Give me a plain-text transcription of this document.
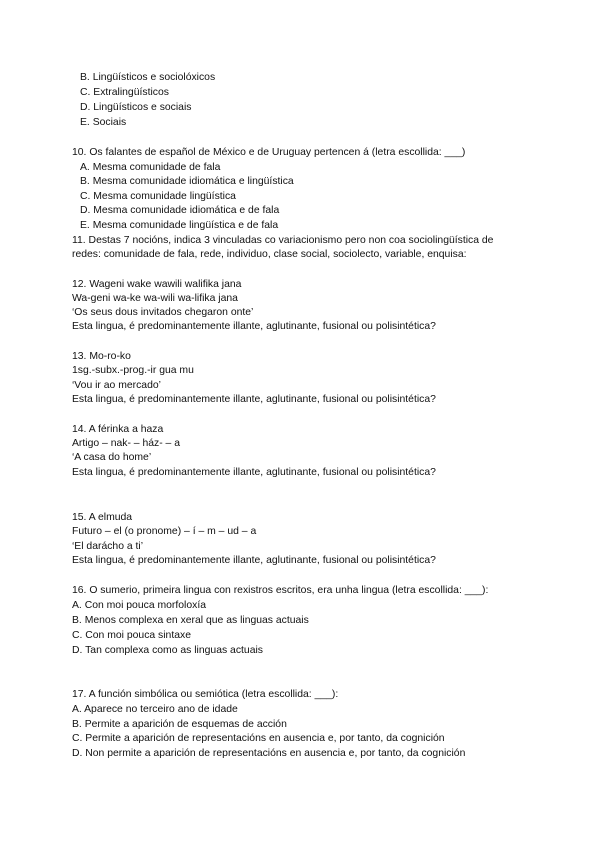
B. Lingüísticos e sociolóxicos
C. Extralingüísticos
D. Lingüísticos e sociais
E. Sociais
10. Os falantes de español de México e de Uruguay pertencen á (letra escollida: ___)
A. Mesma comunidade de fala
B. Mesma comunidade idiomática e lingüística
C. Mesma comunidade lingüística
D. Mesma comunidade idiomática e de fala
E. Mesma comunidade lingüística e de fala
11. Destas 7 nocións, indica 3 vinculadas co variacionismo pero non coa sociolingüística de
redes: comunidade de fala, rede, individuo, clase social, sociolecto, variable, enquisa:
12. Wageni wake wawili walifika jana
Wa-geni wa-ke wa-wili wa-lifika jana
‘Os seus dous invitados chegaron onte’
Esta lingua, é predominantemente illante, aglutinante, fusional ou polisintética?
13. Mo-ro-ko
1sg.-subx.-prog.-ir gua mu
‘Vou ir ao mercado’
Esta lingua, é predominantemente illante, aglutinante, fusional ou polisintética?
14. A férinka a haza
Artigo – nak- – ház- – a
‘A casa do home’
Esta lingua, é predominantemente illante, aglutinante, fusional ou polisintética?
15. A elmuda
Futuro – el (o pronome) – í – m – ud – a
‘El darácho a ti’
Esta lingua, é predominantemente illante, aglutinante, fusional ou polisintética?
16. O sumerio, primeira lingua con rexistros escritos, era unha lingua (letra escollida: ___):
A. Con moi pouca morfoloxía
B. Menos complexa en xeral que as linguas actuais
C. Con moi pouca sintaxe
D. Tan complexa como as linguas actuais
17. A función simbólica ou semiótica (letra escollida: ___):
A. Aparece no terceiro ano de idade
B. Permite a aparición de esquemas de acción
C. Permite a aparición de representacións en ausencia e, por tanto, da cognición
D. Non permite a aparición de representacións en ausencia e, por tanto, da cognición
